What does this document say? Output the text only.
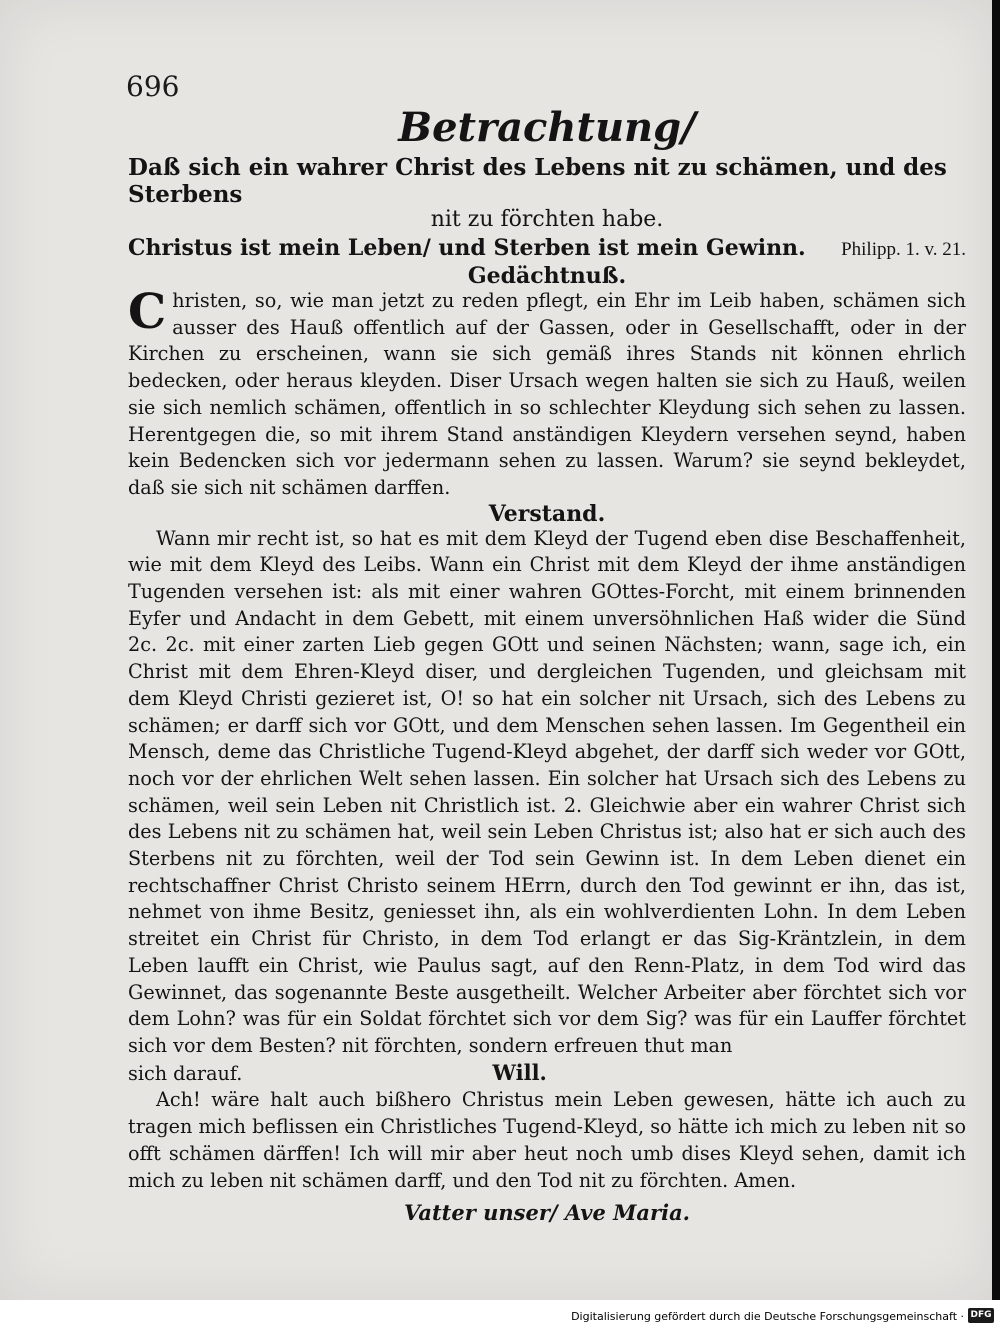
696
Betrachtung/
Daß sich ein wahrer Christ des Lebens nit zu schämen, und des Sterbens
nit zu förchten habe.
Christus ist mein Leben/ und Sterben ist mein Gewinn. Philipp. 1. v. 21.
Gedächtnuß.

Christen, so, wie man jetzt zu reden pflegt, ein Ehr im Leib haben, schämen sich ausser des Hauß offentlich auf der Gassen, oder in Gesellschafft, oder in der Kirchen zu erscheinen, wann sie sich gemäß ihres Stands nit können ehrlich bedecken, oder heraus kleyden. Diser Ursach wegen halten sie sich zu Hauß, weilen sie sich nemlich schämen, offentlich in so schlechter Kleydung sich sehen zu lassen. Herentgegen die, so mit ihrem Stand anständigen Kleydern versehen seynd, haben kein Bedencken sich vor jedermann sehen zu lassen. Warum? sie seynd bekleydet, daß sie sich nit schämen darffen.

Verstand.

Wann mir recht ist, so hat es mit dem Kleyd der Tugend eben dise Beschaffenheit, wie mit dem Kleyd des Leibs. Wann ein Christ mit dem Kleyd der ihme anständigen Tugenden versehen ist: als mit einer wahren GOttes-Forcht, mit einem brinnenden Eyfer und Andacht in dem Gebett, mit einem unversöhnlichen Haß wider die Sünd 2c. 2c. mit einer zarten Lieb gegen GOtt und seinen Nächsten; wann, sage ich, ein Christ mit dem Ehren-Kleyd diser, und dergleichen Tugenden, und gleichsam mit dem Kleyd Christi gezieret ist, O! so hat ein solcher nit Ursach, sich des Lebens zu schämen; er darff sich vor GOtt, und dem Menschen sehen lassen. Im Gegentheil ein Mensch, deme das Christliche Tugend-Kleyd abgehet, der darff sich weder vor GOtt, noch vor der ehrlichen Welt sehen lassen. Ein solcher hat Ursach sich des Lebens zu schämen, weil sein Leben nit Christlich ist. 2. Gleichwie aber ein wahrer Christ sich des Lebens nit zu schämen hat, weil sein Leben Christus ist; also hat er sich auch des Sterbens nit zu förchten, weil der Tod sein Gewinn ist. In dem Leben dienet ein rechtschaffner Christ Christo seinem HErrn, durch den Tod gewinnt er ihn, das ist, nehmet von ihme Besitz, geniesset ihn, als ein wohlverdienten Lohn. In dem Leben streitet ein Christ für Christo, in dem Tod erlangt er das Sig-Kräntzlein, in dem Leben laufft ein Christ, wie Paulus sagt, auf den Renn-Platz, in dem Tod wird das Gewinnet, das sogenannte Beste ausgetheilt. Welcher Arbeiter aber förchtet sich vor dem Lohn? was für ein Soldat förchtet sich vor dem Sig? was für ein Lauffer förchtet sich vor dem Besten? nit förchten, sondern erfreuen thut man

sich darauf.	Will.

Ach! wäre halt auch bißhero Christus mein Leben gewesen, hätte ich auch zu tragen mich beflissen ein Christliches Tugend-Kleyd, so hätte ich mich zu leben nit so offt schämen därffen! Ich will mir aber heut noch umb dises Kleyd sehen, damit ich mich zu leben nit schämen darff, und den Tod nit zu förchten. Amen.

Vatter unser/ Ave Maria.
Digitalisierung gefördert durch die Deutsche Forschungsgemeinschaft · DFG
